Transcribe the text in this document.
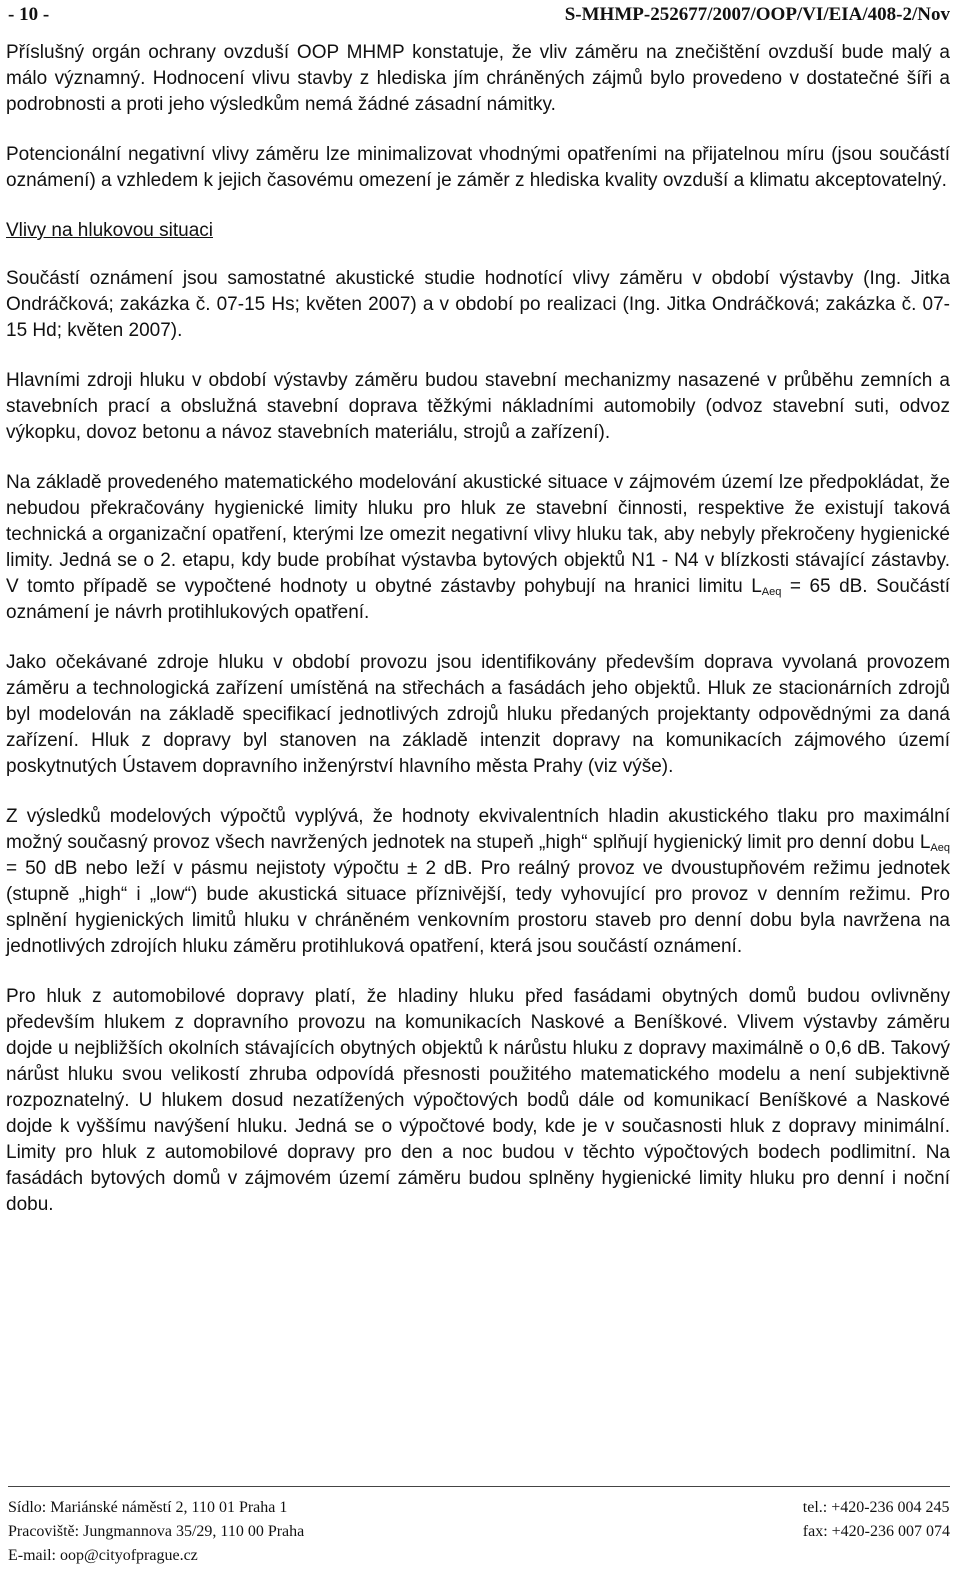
- 10 -	S-MHMP-252677/2007/OOP/VI/EIA/408-2/Nov

Příslušný orgán ochrany ovzduší OOP MHMP konstatuje, že vliv záměru na znečištění ovzduší bude malý a málo významný. Hodnocení vlivu stavby z hlediska jím chráněných zájmů bylo provedeno v dostatečné šíři a podrobnosti a proti jeho výsledkům nemá žádné zásadní námitky.

Potencionální negativní vlivy záměru lze minimalizovat vhodnými opatřeními na přijatelnou míru (jsou součástí oznámení) a vzhledem k jejich časovému omezení je záměr z hlediska kvality ovzduší a klimatu akceptovatelný.

Vlivy na hlukovou situaci

Součástí oznámení jsou samostatné akustické studie hodnotící vlivy záměru v období výstavby (Ing. Jitka Ondráčková; zakázka č. 07-15 Hs; květen 2007) a v období po realizaci (Ing. Jitka Ondráčková; zakázka č. 07-15 Hd; květen 2007).

Hlavními zdroji hluku v období výstavby záměru budou stavební mechanizmy nasazené v průběhu zemních a stavebních prací a obslužná stavební doprava těžkými nákladními automobily (odvoz stavební suti, odvoz výkopku, dovoz betonu a návoz stavebních materiálu, strojů a zařízení).

Na základě provedeného matematického modelování akustické situace v zájmovém území lze předpokládat, že nebudou překračovány hygienické limity hluku pro hluk ze stavební činnosti, respektive že existují taková technická a organizační opatření, kterými lze omezit negativní vlivy hluku tak, aby nebyly překročeny hygienické limity. Jedná se o 2. etapu, kdy bude probíhat výstavba bytových objektů N1 - N4 v blízkosti stávající zástavby. V tomto případě se vypočtené hodnoty u obytné zástavby pohybují na hranici limitu $L_{Aeq} = 65$ dB. Součástí oznámení je návrh protihlukových opatření.

Jako očekávané zdroje hluku v období provozu jsou identifikovány především doprava vyvolaná provozem záměru a technologická zařízení umístěná na střechách a fasádách jeho objektů. Hluk ze stacionárních zdrojů byl modelován na základě specifikací jednotlivých zdrojů hluku předaných projektanty odpovědnými za daná zařízení. Hluk z dopravy byl stanoven na základě intenzit dopravy na komunikacích zájmového území poskytnutých Ústavem dopravního inženýrství hlavního města Prahy (viz výše).

Z výsledků modelových výpočtů vyplývá, že hodnoty ekvivalentních hladin akustického tlaku pro maximální možný současný provoz všech navržených jednotek na stupeň „high“ splňují hygienický limit pro denní dobu $L_{Aeq} = 50$ dB nebo leží v pásmu nejistoty výpočtu ± 2 dB. Pro reálný provoz ve dvoustupňovém režimu jednotek (stupně „high“ i „low“) bude akustická situace příznivější, tedy vyhovující pro provoz v denním režimu. Pro splnění hygienických limitů hluku v chráněném venkovním prostoru staveb pro denní dobu byla navržena na jednotlivých zdrojích hluku záměru protihluková opatření, která jsou součástí oznámení.

Pro hluk z automobilové dopravy platí, že hladiny hluku před fasádami obytných domů budou ovlivněny především hlukem z dopravního provozu na komunikacích Naskové a Beníškové. Vlivem výstavby záměru dojde u nejbližších okolních stávajících obytných objektů k nárůstu hluku z dopravy maximálně o 0,6 dB. Takový nárůst hluku svou velikostí zhruba odpovídá přesnosti použitého matematického modelu a není subjektivně rozpoznatelný. U hlukem dosud nezatížených výpočtových bodů dále od komunikací Beníškové a Naskové dojde k vyššímu navýšení hluku. Jedná se o výpočtové body, kde je v současnosti hluk z dopravy minimální. Limity pro hluk z automobilové dopravy pro den a noc budou v těchto výpočtových bodech podlimitní. Na fasádách bytových domů v zájmovém území záměru budou splněny hygienické limity hluku pro denní i noční dobu.

Sídlo: Mariánské náměstí 2, 110 01 Praha 1
Pracoviště: Jungmannova 35/29, 110 00 Praha
E-mail: oop@cityofprague.cz
tel.: +420-236 004 245
fax: +420-236 007 074
